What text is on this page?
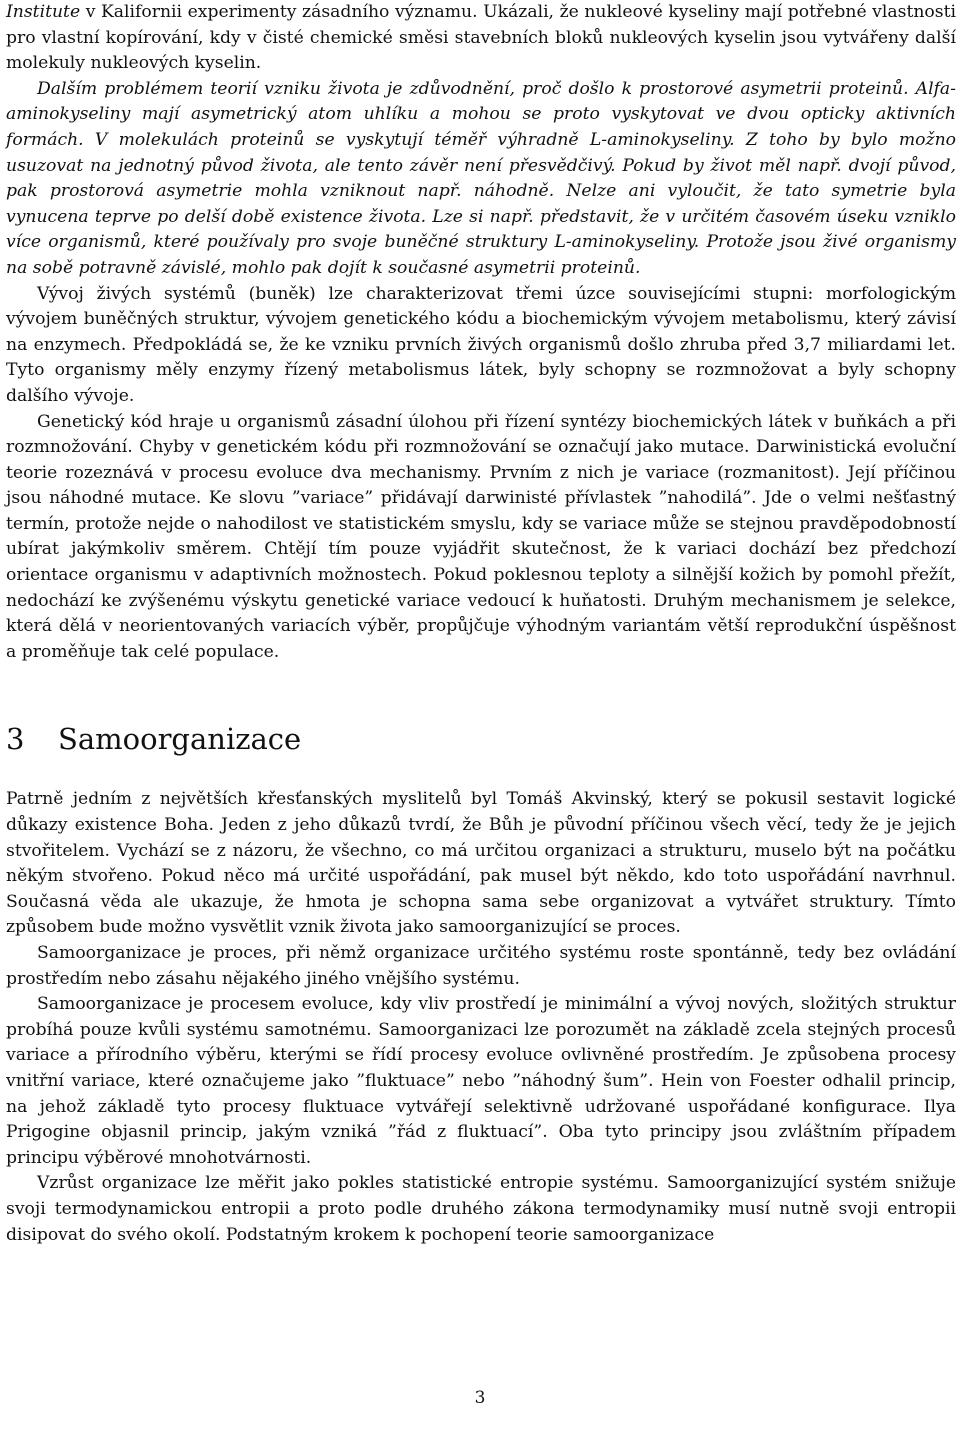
Institute v Kalifornii experimenty zásadního významu. Ukázali, že nukleové kyseliny mají potřebné vlastnosti pro vlastní kopírování, kdy v čisté chemické směsi stavebních bloků nukleových kyselin jsou vytvářeny další molekuly nukleových kyselin.

Dalším problémem teorií vzniku života je zdůvodnění, proč došlo k prostorové asymetrii proteinů. Alfa-aminokyseliny mají asymetrický atom uhlíku a mohou se proto vyskytovat ve dvou opticky aktivních formách. V molekulách proteinů se vyskytují téměř výhradně L-aminokyseliny. Z toho by bylo možno usuzovat na jednotný původ života, ale tento závěr není přesvědčivý. Pokud by život měl např. dvojí původ, pak prostorová asymetrie mohla vzniknout např. náhodně. Nelze ani vyloučit, že tato symetrie byla vynucena teprve po delší době existence života. Lze si např. představit, že v určitém časovém úseku vzniklo více organismů, které používaly pro svoje buněčné struktury L-aminokyseliny. Protože jsou živé organismy na sobě potravně závislé, mohlo pak dojít k současné asymetrii proteinů.

Vývoj živých systémů (buněk) lze charakterizovat třemi úzce souvisejícími stupni: morfologickým vývojem buněčných struktur, vývojem genetického kódu a biochemickým vývojem metabolismu, který závisí na enzymech. Předpokládá se, že ke vzniku prvních živých organismů došlo zhruba před 3,7 miliardami let. Tyto organismy měly enzymy řízený metabolismus látek, byly schopny se rozmnožovat a byly schopny dalšího vývoje.

Genetický kód hraje u organismů zásadní úlohou při řízení syntézy biochemických látek v buňkách a při rozmnožování. Chyby v genetickém kódu při rozmnožování se označují jako mutace. Darwinistická evoluční teorie rozeznává v procesu evoluce dva mechanismy. Prvním z nich je variace (rozmanitost). Její příčinou jsou náhodné mutace. Ke slovu ”variace” přidávají darwinisté přívlastek ”nahodilá”. Jde o velmi nešťastný termín, protože nejde o nahodilost ve statistickém smyslu, kdy se variace může se stejnou pravděpodobností ubírat jakýmkoliv směrem. Chtějí tím pouze vyjádřit skutečnost, že k variaci dochází bez předchozí orientace organismu v adaptivních možnostech. Pokud poklesnou teploty a silnější kožich by pomohl přežít, nedochází ke zvýšenému výskytu genetické variace vedoucí k huňatosti. Druhým mechanismem je selekce, která dělá v neorientovaných variacích výběr, propůjčuje výhodným variantám větší reprodukční úspěšnost a proměňuje tak celé populace.

3 Samoorganizace

Patrně jedním z největších křesťanských myslitelů byl Tomáš Akvinský, který se pokusil sestavit logické důkazy existence Boha. Jeden z jeho důkazů tvrdí, že Bůh je původní příčinou všech věcí, tedy že je jejich stvořitelem. Vychází se z názoru, že všechno, co má určitou organizaci a strukturu, muselo být na počátku někým stvořeno. Pokud něco má určité uspořádání, pak musel být někdo, kdo toto uspořádání navrhnul. Současná věda ale ukazuje, že hmota je schopna sama sebe organizovat a vytvářet struktury. Tímto způsobem bude možno vysvětlit vznik života jako samoorganizující se proces.

Samoorganizace je proces, při němž organizace určitého systému roste spontánně, tedy bez ovládání prostředím nebo zásahu nějakého jiného vnějšího systému.

Samoorganizace je procesem evoluce, kdy vliv prostředí je minimální a vývoj nových, složitých struktur probíhá pouze kvůli systému samotnému. Samoorganizaci lze porozumět na základě zcela stejných procesů variace a přírodního výběru, kterými se řídí procesy evoluce ovlivněné prostředím. Je způsobena procesy vnitřní variace, které označujeme jako ”fluktuace” nebo ”náhodný šum”. Hein von Foester odhalil princip, na jehož základě tyto procesy fluktuace vytvářejí selektivně udržované uspořádané konfigurace. Ilya Prigogine objasnil princip, jakým vzniká ”řád z fluktuací”. Oba tyto principy jsou zvláštním případem principu výběrové mnohotvárnosti.

Vzrůst organizace lze měřit jako pokles statistické entropie systému. Samoorganizující systém snižuje svoji termodynamickou entropii a proto podle druhého zákona termodynamiky musí nutně svoji entropii disipovat do svého okolí. Podstatným krokem k pochopení teorie samoorganizace

3
